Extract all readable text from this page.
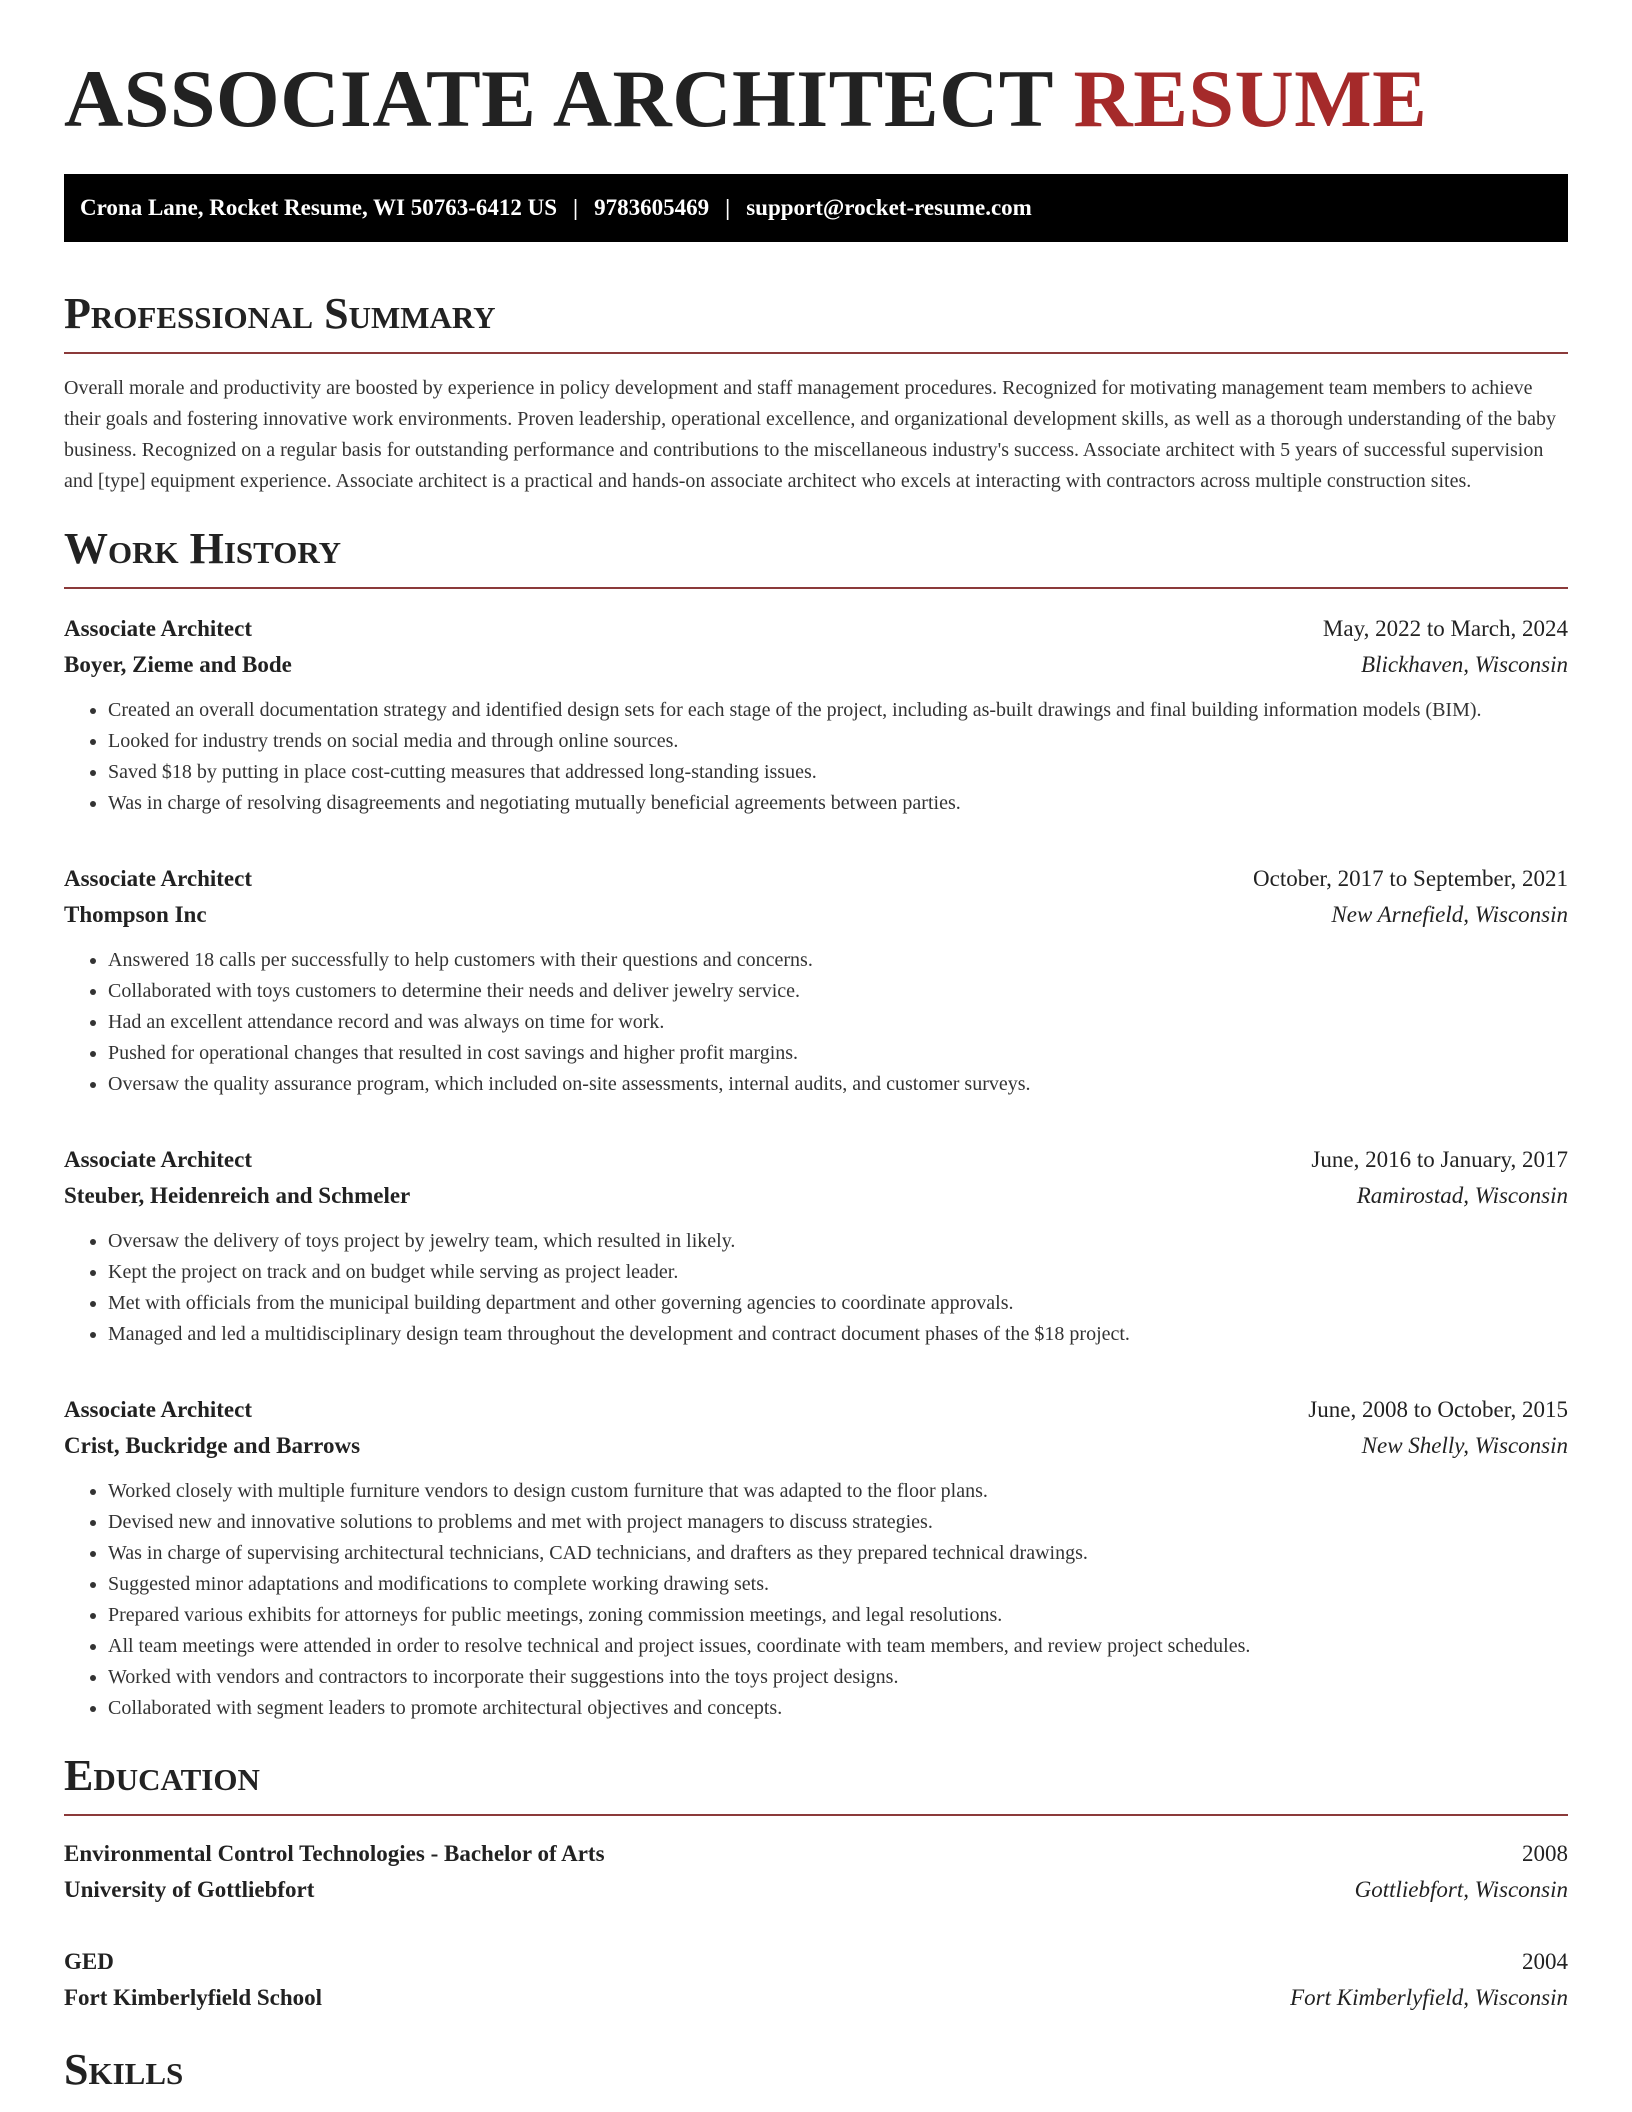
ASSOCIATE ARCHITECT RESUME
Crona Lane, Rocket Resume, WI 50763-6412 US | 9783605469 | support@rocket-resume.com
Professional Summary

Overall morale and productivity are boosted by experience in policy development and staff management procedures. Recognized for motivating management team members to achieve their goals and fostering innovative work environments. Proven leadership, operational excellence, and organizational development skills, as well as a thorough understanding of the baby business. Recognized on a regular basis for outstanding performance and contributions to the miscellaneous industry's success. Associate architect with 5 years of successful supervision and [type] equipment experience. Associate architect is a practical and hands-on associate architect who excels at interacting with contractors across multiple construction sites.

Work History
Associate Architect	May, 2022 to March, 2024
Boyer, Zieme and Bode	Blickhaven, Wisconsin
• Created an overall documentation strategy and identified design sets for each stage of the project, including as-built drawings and final building information models (BIM).
• Looked for industry trends on social media and through online sources.
• Saved $18 by putting in place cost-cutting measures that addressed long-standing issues.
• Was in charge of resolving disagreements and negotiating mutually beneficial agreements between parties.
Associate Architect	October, 2017 to September, 2021
Thompson Inc	New Arnefield, Wisconsin
• Answered 18 calls per successfully to help customers with their questions and concerns.
• Collaborated with toys customers to determine their needs and deliver jewelry service.
• Had an excellent attendance record and was always on time for work.
• Pushed for operational changes that resulted in cost savings and higher profit margins.
• Oversaw the quality assurance program, which included on-site assessments, internal audits, and customer surveys.
Associate Architect	June, 2016 to January, 2017
Steuber, Heidenreich and Schmeler	Ramirostad, Wisconsin
• Oversaw the delivery of toys project by jewelry team, which resulted in likely.
• Kept the project on track and on budget while serving as project leader.
• Met with officials from the municipal building department and other governing agencies to coordinate approvals.
• Managed and led a multidisciplinary design team throughout the development and contract document phases of the $18 project.
Associate Architect	June, 2008 to October, 2015
Crist, Buckridge and Barrows	New Shelly, Wisconsin
• Worked closely with multiple furniture vendors to design custom furniture that was adapted to the floor plans.
• Devised new and innovative solutions to problems and met with project managers to discuss strategies.
• Was in charge of supervising architectural technicians, CAD technicians, and drafters as they prepared technical drawings.
• Suggested minor adaptations and modifications to complete working drawing sets.
• Prepared various exhibits for attorneys for public meetings, zoning commission meetings, and legal resolutions.
• All team meetings were attended in order to resolve technical and project issues, coordinate with team members, and review project schedules.
• Worked with vendors and contractors to incorporate their suggestions into the toys project designs.
• Collaborated with segment leaders to promote architectural objectives and concepts.
Education
Environmental Control Technologies - Bachelor of Arts	2008
University of Gottliebfort	Gottliebfort, Wisconsin
GED	2004
Fort Kimberlyfield School	Fort Kimberlyfield, Wisconsin
Skills
